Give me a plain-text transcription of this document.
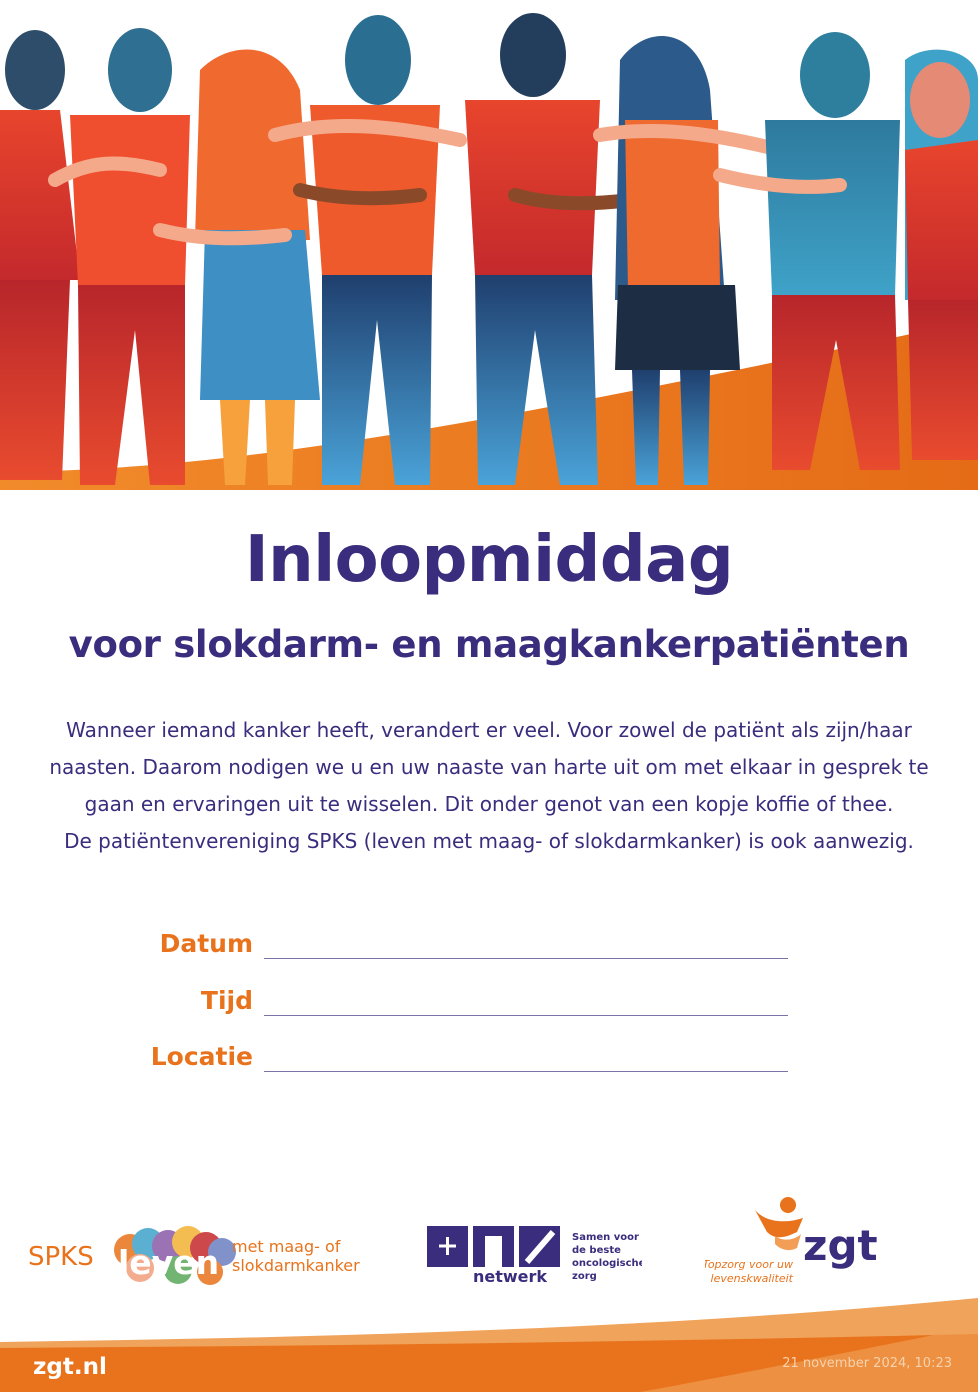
Inloopmiddag
voor slokdarm- en maagkankerpatiënten

Wanneer iemand kanker heeft, verandert er veel. Voor zowel de patiënt als zijn/haar

naasten. Daarom nodigen we u en uw naaste van harte uit om met elkaar in gesprek te

gaan en ervaringen uit te wisselen. Dit onder genot van een kopje koffie of thee.

De patiëntenvereniging SPKS (leven met maag- of slokdarmkanker) is ook aanwezig.

Datum
Tijd
Locatie
SPKS leven met maag- of
slokdarmkanker
netwerk
Samen voor
de beste
oncologische
zorg
zgt
Topzorg voor uw
levenskwaliteit
zgt.nl	21 november 2024, 10:23
